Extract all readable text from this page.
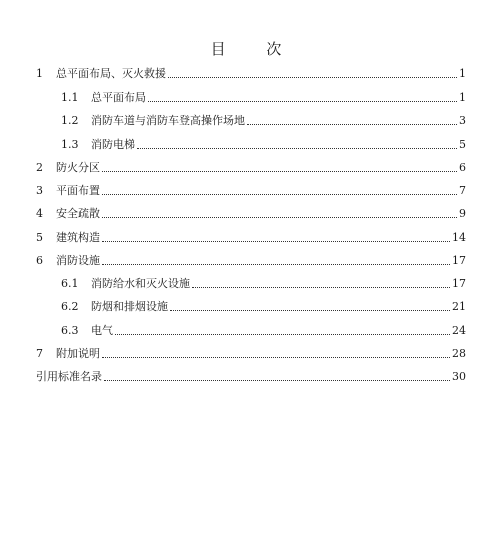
目 次
1	总平面布局、灭火救援	1
1.1	总平面布局	1
1.2	消防车道与消防车登高操作场地	3
1.3	消防电梯	5
2	防火分区	6
3	平面布置	7
4	安全疏散	9
5	建筑构造	14
6	消防设施	17
6.1	消防给水和灭火设施	17
6.2	防烟和排烟设施	21
6.3	电气	24
7	附加说明	28
引用标准名录	30
